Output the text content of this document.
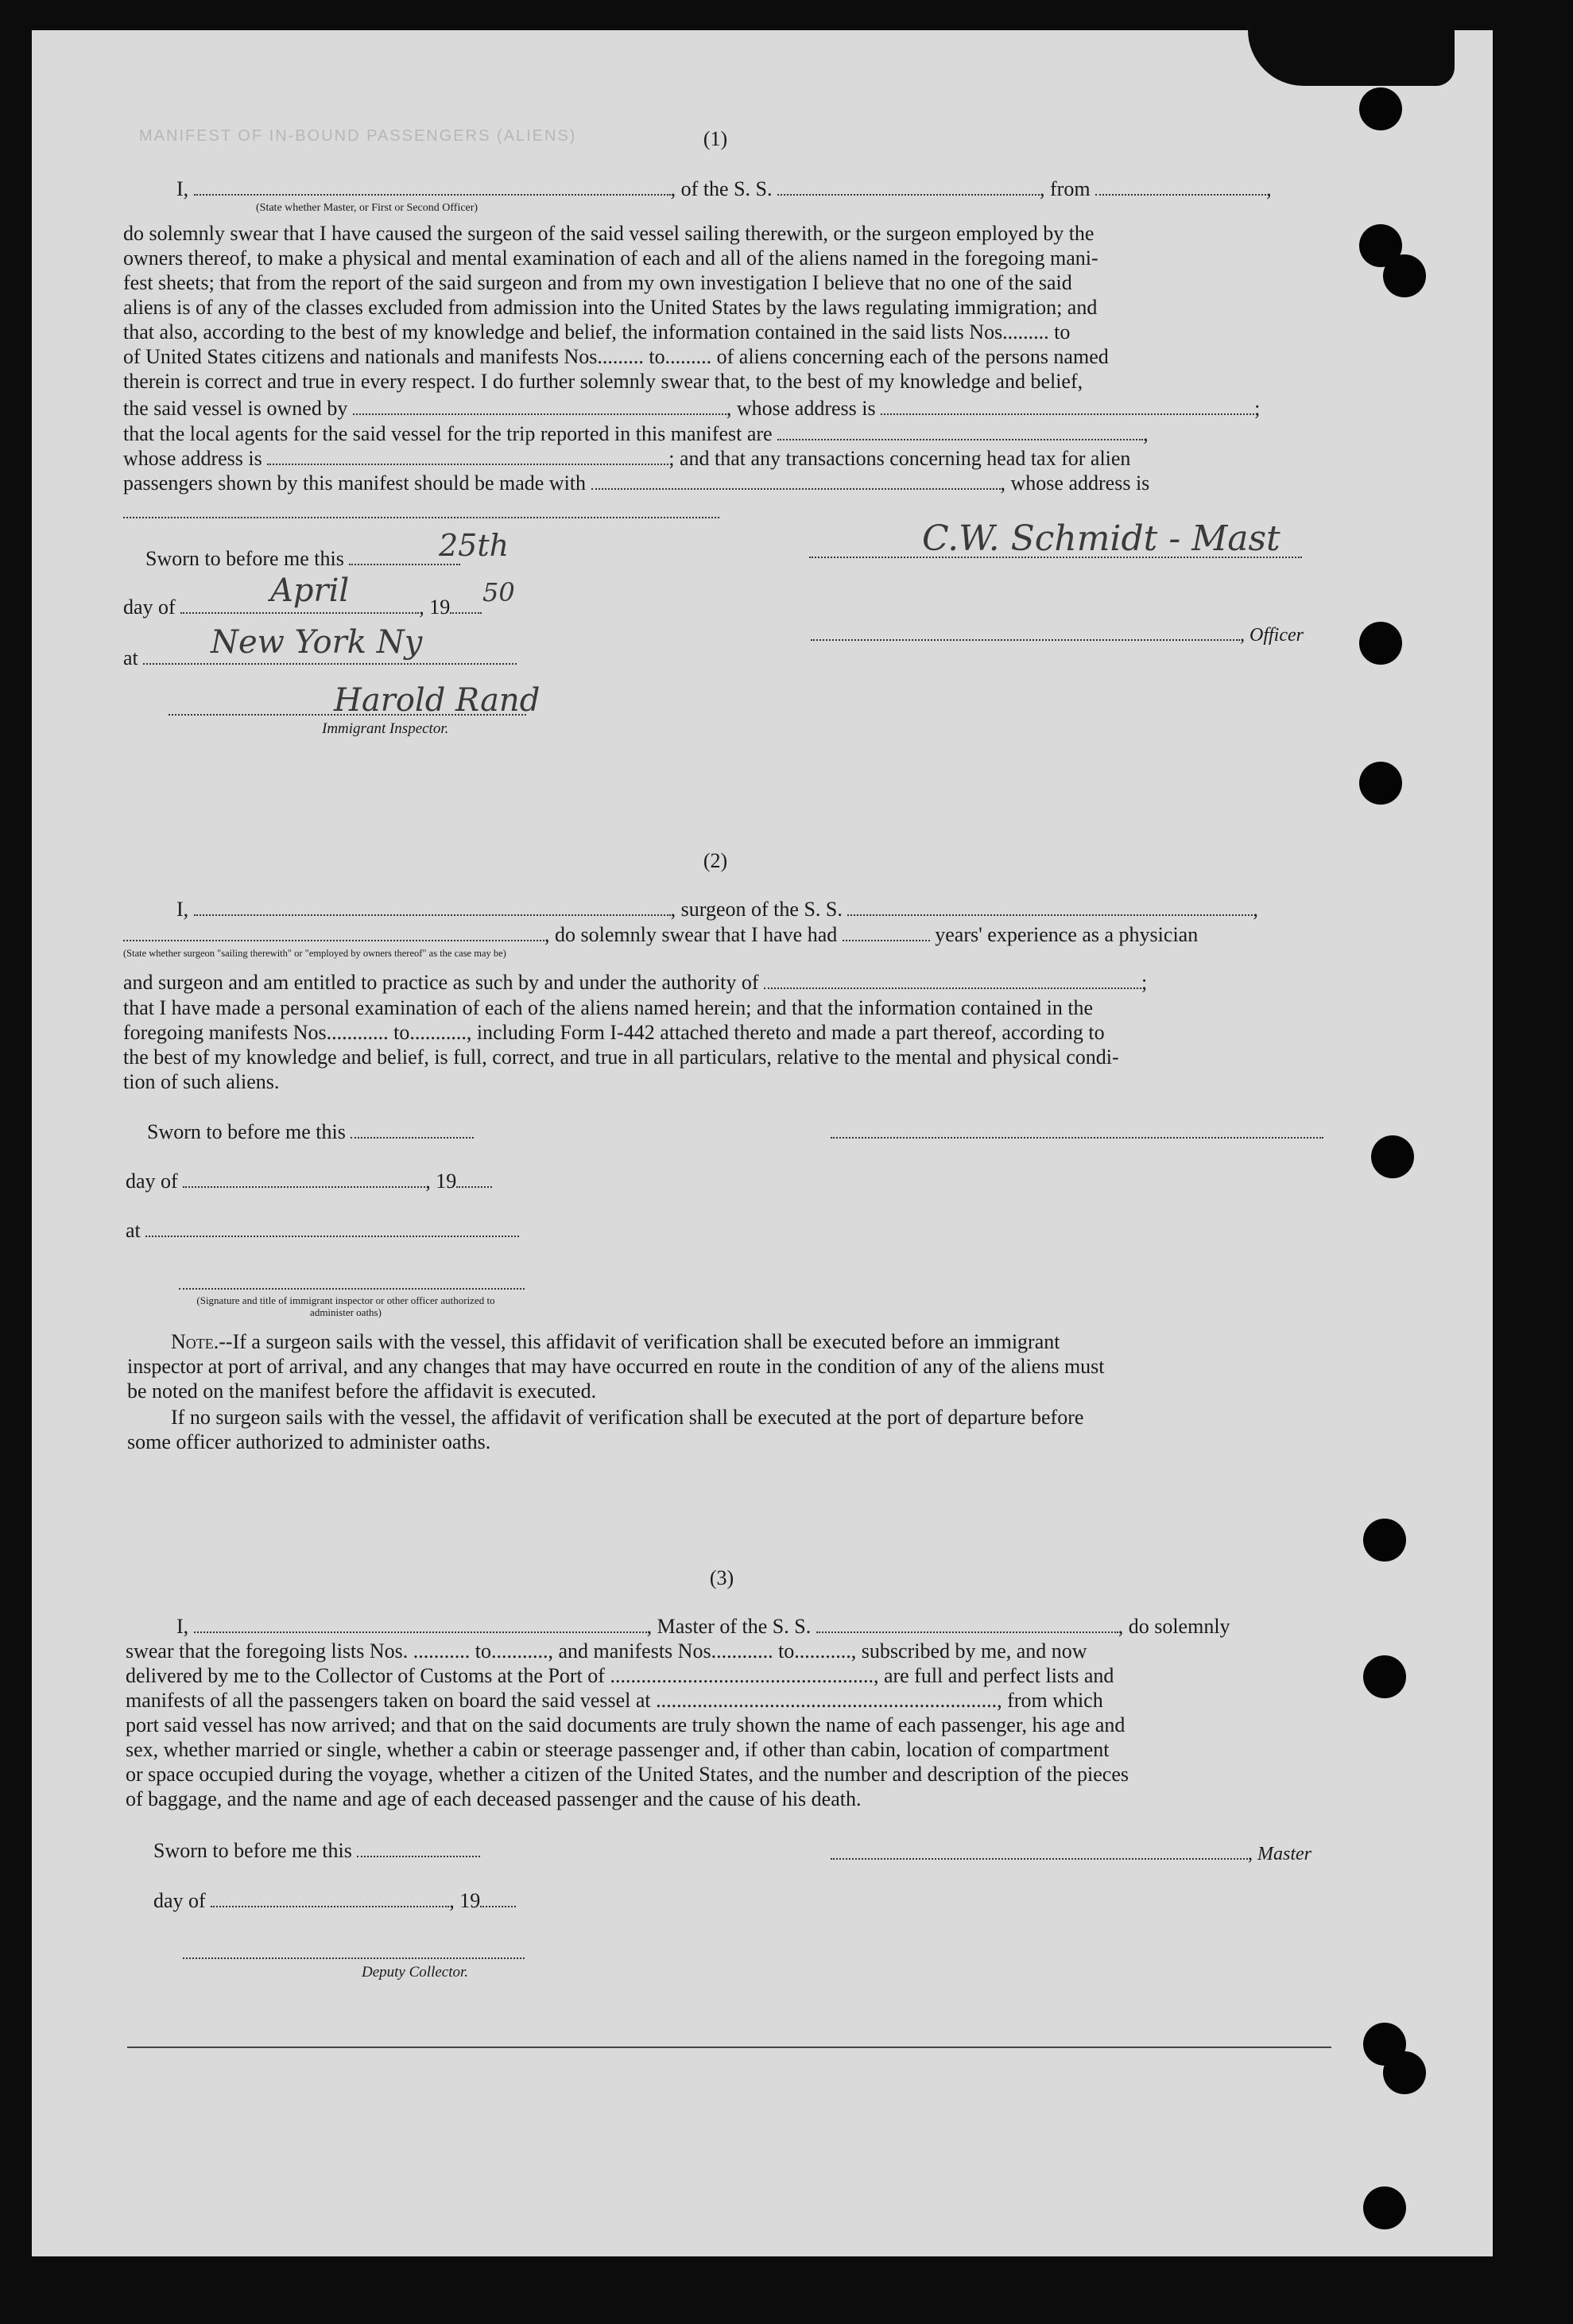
MANIFEST OF IN-BOUND PASSENGERS (ALIENS)	(1)
I,	, of the S. S.	, from	,
(State whether Master, or First or Second Officer)
do solemnly swear that I have caused the surgeon of the said vessel sailing therewith, or the surgeon employed by the
owners thereof, to make a physical and mental examination of each and all of the aliens named in the foregoing mani-
fest sheets; that from the report of the said surgeon and from my own investigation I believe that no one of the said
aliens is of any of the classes excluded from admission into the United States by the laws regulating immigration; and
that also, according to the best of my knowledge and belief, the information contained in the said lists Nos......... to
of United States citizens and nationals and manifests Nos......... to......... of aliens concerning each of the persons named
therein is correct and true in every respect. I do further solemnly swear that, to the best of my knowledge and belief,
the said vessel is owned by	, whose address is	;
that the local agents for the said vessel for the trip reported in this manifest are	,
whose address is	; and that any transactions concerning head tax for alien
passengers shown by this manifest should be made with	, whose address is
Sworn to before me this	25th
day of	, 19
April	50
at	New York Ny
Harold Rand
Immigrant Inspector.
C.W. Schmidt - Mast
, Officer
(2)
I,	, surgeon of the S. S.	,
, do solemnly swear that I have had	years' experience as a physician
(State whether surgeon "sailing therewith" or "employed by owners thereof" as the case may be)
and surgeon and am entitled to practice as such by and under the authority of	;
that I have made a personal examination of each of the aliens named herein; and that the information contained in the
foregoing manifests Nos............ to..........., including Form I-442 attached thereto and made a part thereof, according to
the best of my knowledge and belief, is full, correct, and true in all particulars, relative to the mental and physical condi-
tion of such aliens.
Sworn to before me this
day of	, 19
at
(Signature and title of immigrant inspector or other officer authorized to administer oaths)
Note.--If a surgeon sails with the vessel, this affidavit of verification shall be executed before an immigrant
inspector at port of arrival, and any changes that may have occurred en route in the condition of any of the aliens must
be noted on the manifest before the affidavit is executed.
If no surgeon sails with the vessel, the affidavit of verification shall be executed at the port of departure before
some officer authorized to administer oaths.
(3)
I,	, Master of the S. S.	, do solemnly
swear that the foregoing lists Nos. ........... to..........., and manifests Nos............ to..........., subscribed by me, and now
delivered by me to the Collector of Customs at the Port of ..................................................., are full and perfect lists and
manifests of all the passengers taken on board the said vessel at .................................................................., from which
port said vessel has now arrived; and that on the said documents are truly shown the name of each passenger, his age and
sex, whether married or single, whether a cabin or steerage passenger and, if other than cabin, location of compartment
or space occupied during the voyage, whether a citizen of the United States, and the number and description of the pieces
of baggage, and the name and age of each deceased passenger and the cause of his death.
Sworn to before me this	, Master
day of	, 19
Deputy Collector.
